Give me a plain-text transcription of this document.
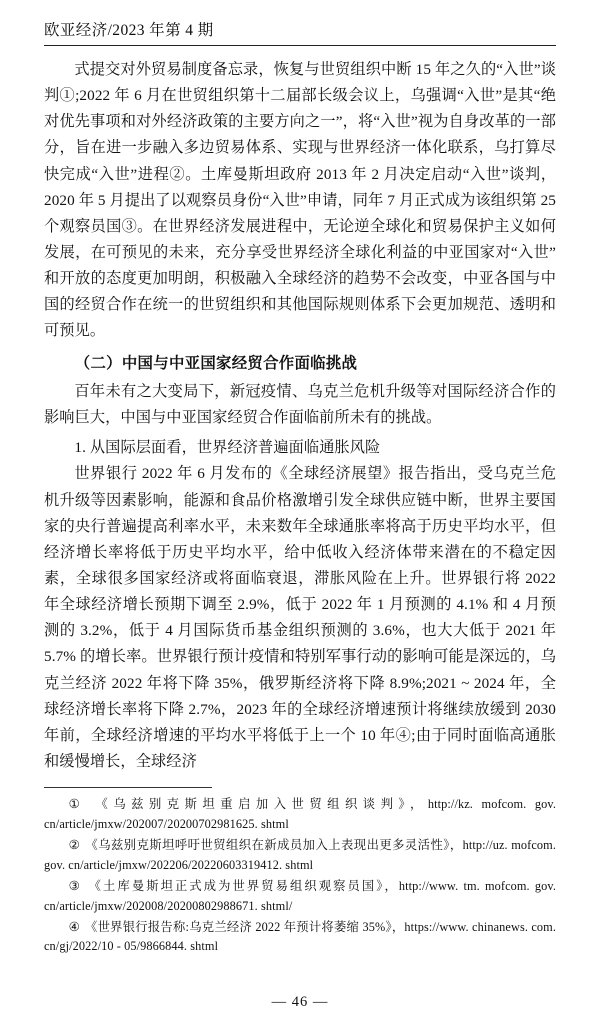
欧亚经济/2023 年第 4 期

式提交对外贸易制度备忘录，恢复与世贸组织中断 15 年之久的“入世”谈判①;2022 年 6 月在世贸组织第十二届部长级会议上，乌强调“入世”是其“绝对优先事项和对外经济政策的主要方向之一”，将“入世”视为自身改革的一部分，旨在进一步融入多边贸易体系、实现与世界经济一体化联系，乌打算尽快完成“入世”进程②。土库曼斯坦政府 2013 年 2 月决定启动“入世”谈判，2020 年 5 月提出了以观察员身份“入世”申请，同年 7 月正式成为该组织第 25 个观察员国③。在世界经济发展进程中，无论逆全球化和贸易保护主义如何发展，在可预见的未来，充分享受世界经济全球化利益的中亚国家对“入世”和开放的态度更加明朗，积极融入全球经济的趋势不会改变，中亚各国与中国的经贸合作在统一的世贸组织和其他国际规则体系下会更加规范、透明和可预见。

（二）中国与中亚国家经贸合作面临挑战

百年未有之大变局下，新冠疫情、乌克兰危机升级等对国际经济合作的影响巨大，中国与中亚国家经贸合作面临前所未有的挑战。

1. 从国际层面看，世界经济普遍面临通胀风险

世界银行 2022 年 6 月发布的《全球经济展望》报告指出，受乌克兰危机升级等因素影响，能源和食品价格激增引发全球供应链中断，世界主要国家的央行普遍提高利率水平，未来数年全球通胀率将高于历史平均水平，但经济增长率将低于历史平均水平，给中低收入经济体带来潜在的不稳定因素，全球很多国家经济或将面临衰退，滞胀风险在上升。世界银行将 2022 年全球经济增长预期下调至 2.9%，低于 2022 年 1 月预测的 4.1% 和 4 月预测的 3.2%，低于 4 月国际货币基金组织预测的 3.6%，也大大低于 2021 年 5.7% 的增长率。世界银行预计疫情和特别军事行动的影响可能是深远的，乌克兰经济 2022 年将下降 35%，俄罗斯经济将下降 8.9%;2021 ~ 2024 年，全球经济增长率将下降 2.7%，2023 年的全球经济增速预计将继续放缓到 2030 年前，全球经济增速的平均水平将低于上一个 10 年④;由于同时面临高通胀和缓慢增长，全球经济

① 《乌兹别克斯坦重启加入世贸组织谈判》，http://kz. mofcom. gov. cn/article/jmxw/202007/20200702981625. shtml

② 《乌兹别克斯坦呼吁世贸组织在新成员加入上表现出更多灵活性》，http://uz. mofcom. gov. cn/article/jmxw/202206/20220603319412. shtml

③ 《土库曼斯坦正式成为世界贸易组织观察员国》，http://www. tm. mofcom. gov. cn/article/jmxw/202008/20200802988671. shtml/

④ 《世界银行报告称:乌克兰经济 2022 年预计将萎缩 35%》，https://www. chinanews. com. cn/gj/2022/10 - 05/9866844. shtml

— 46 —
